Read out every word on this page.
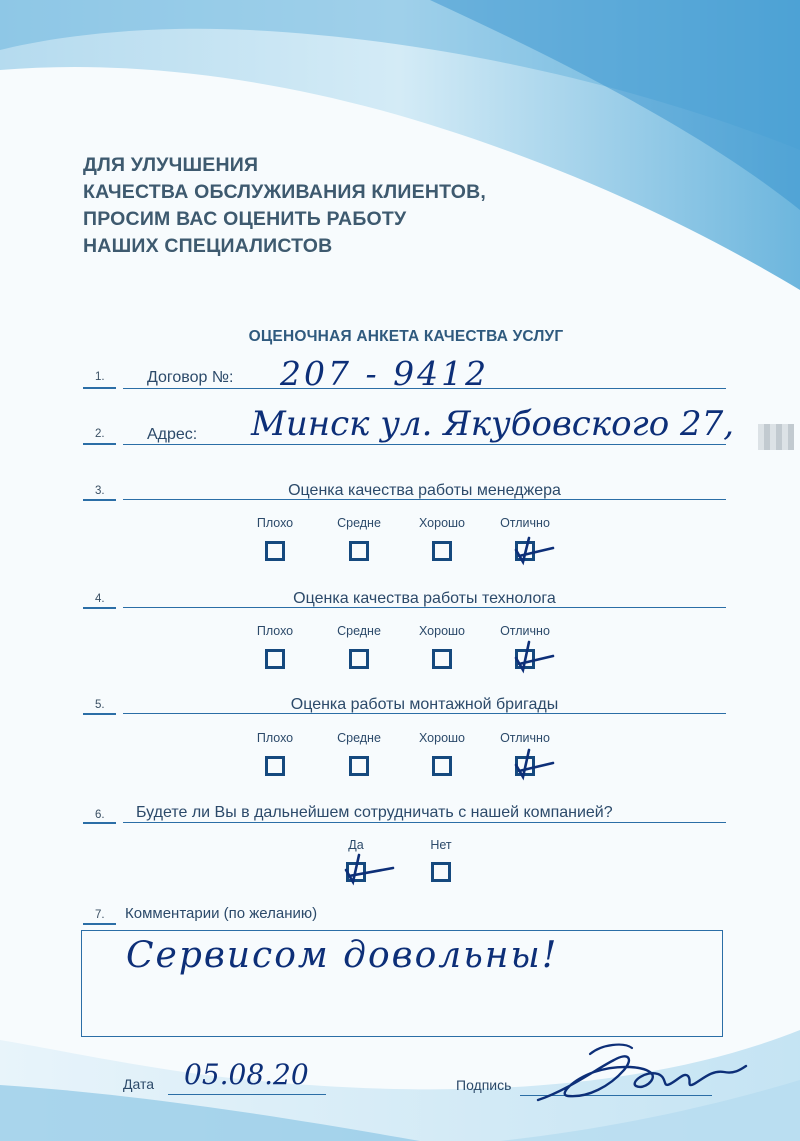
ДЛЯ УЛУЧШЕНИЯ
КАЧЕСТВА ОБСЛУЖИВАНИЯ КЛИЕНТОВ,
ПРОСИМ ВАС ОЦЕНИТЬ РАБОТУ
НАШИХ СПЕЦИАЛИСТОВ
ОЦЕНОЧНАЯ АНКЕТА КАЧЕСТВА УСЛУГ
1.	Договор №: 207 - 9412
2.	Адрес: Минск ул. Якубовского 27,
3.	Оценка качества работы менеджера
Плохо	Средне	Хорошо	Отлично
4.	Оценка качества работы технолога
Плохо	Средне	Хорошо	Отлично
5.	Оценка работы монтажной бригады
Плохо	Средне	Хорошо	Отлично
6. Будете ли Вы в дальнейшем сотрудничать с нашей компанией?
Да	Нет
7. Комментарии (по желанию)
Сервисом довольны!
Дата 05.08.20	Подпись
